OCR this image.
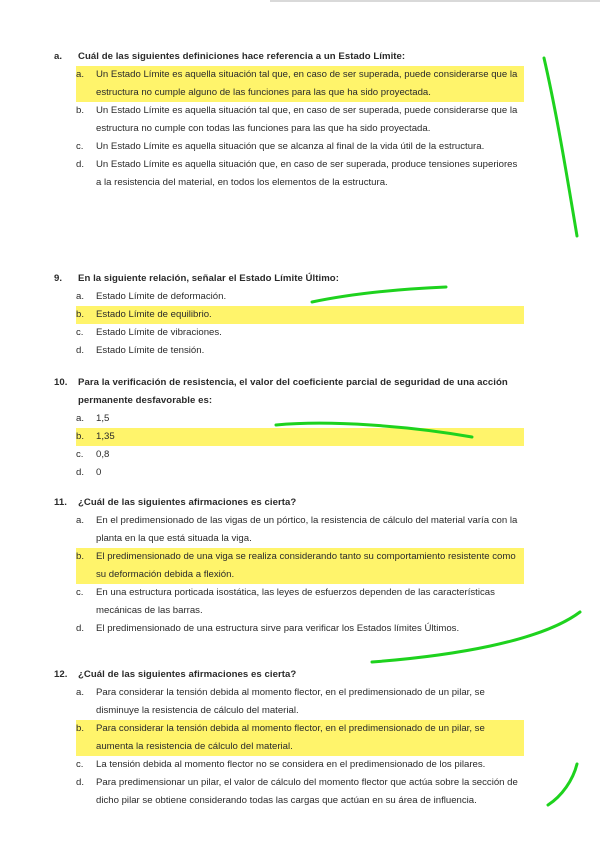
a.	Cuál de las siguientes definiciones hace referencia a un Estado Límite:
a.	Un Estado Límite es aquella situación tal que, en caso de ser superada, puede considerarse que la estructura no cumple alguno de las funciones para las que ha sido proyectada.
b.	Un Estado Límite es aquella situación tal que, en caso de ser superada, puede considerarse que la estructura no cumple con todas las funciones para las que ha sido proyectada.
c.	Un Estado Límite es aquella situación que se alcanza al final de la vida útil de la estructura.
d.	Un Estado Límite es aquella situación que, en caso de ser superada, produce tensiones superiores a la resistencia del material, en todos los elementos de la estructura.
9.	En la siguiente relación, señalar el Estado Límite Último:
a.	Estado Límite de deformación.
b.	Estado Límite de equilibrio.
c.	Estado Límite de vibraciones.
d.	Estado Límite de tensión.
10.	Para la verificación de resistencia, el valor del coeficiente parcial de seguridad de una acción permanente desfavorable es:
a.	1,5
b.	1,35
c.	0,8
d.	0
11.	¿Cuál de las siguientes afirmaciones es cierta?
a.	En el predimensionado de las vigas de un pórtico, la resistencia de cálculo del material varía con la planta en la que está situada la viga.
b.	El predimensionado de una viga se realiza considerando tanto su comportamiento resistente como su deformación debida a flexión.
c.	En una estructura porticada isostática, las leyes de esfuerzos dependen de las características mecánicas de las barras.
d.	El predimensionado de una estructura sirve para verificar los Estados límites Últimos.
12.	¿Cuál de las siguientes afirmaciones es cierta?
a.	Para considerar la tensión debida al momento flector, en el predimensionado de un pilar, se disminuye la resistencia de cálculo del material.
b.	Para considerar la tensión debida al momento flector, en el predimensionado de un pilar, se aumenta la resistencia de cálculo del material.
c.	La tensión debida al momento flector no se considera en el predimensionado de los pilares.
d.	Para predimensionar un pilar, el valor de cálculo del momento flector que actúa sobre la sección de dicho pilar se obtiene considerando todas las cargas que actúan en su área de influencia.
